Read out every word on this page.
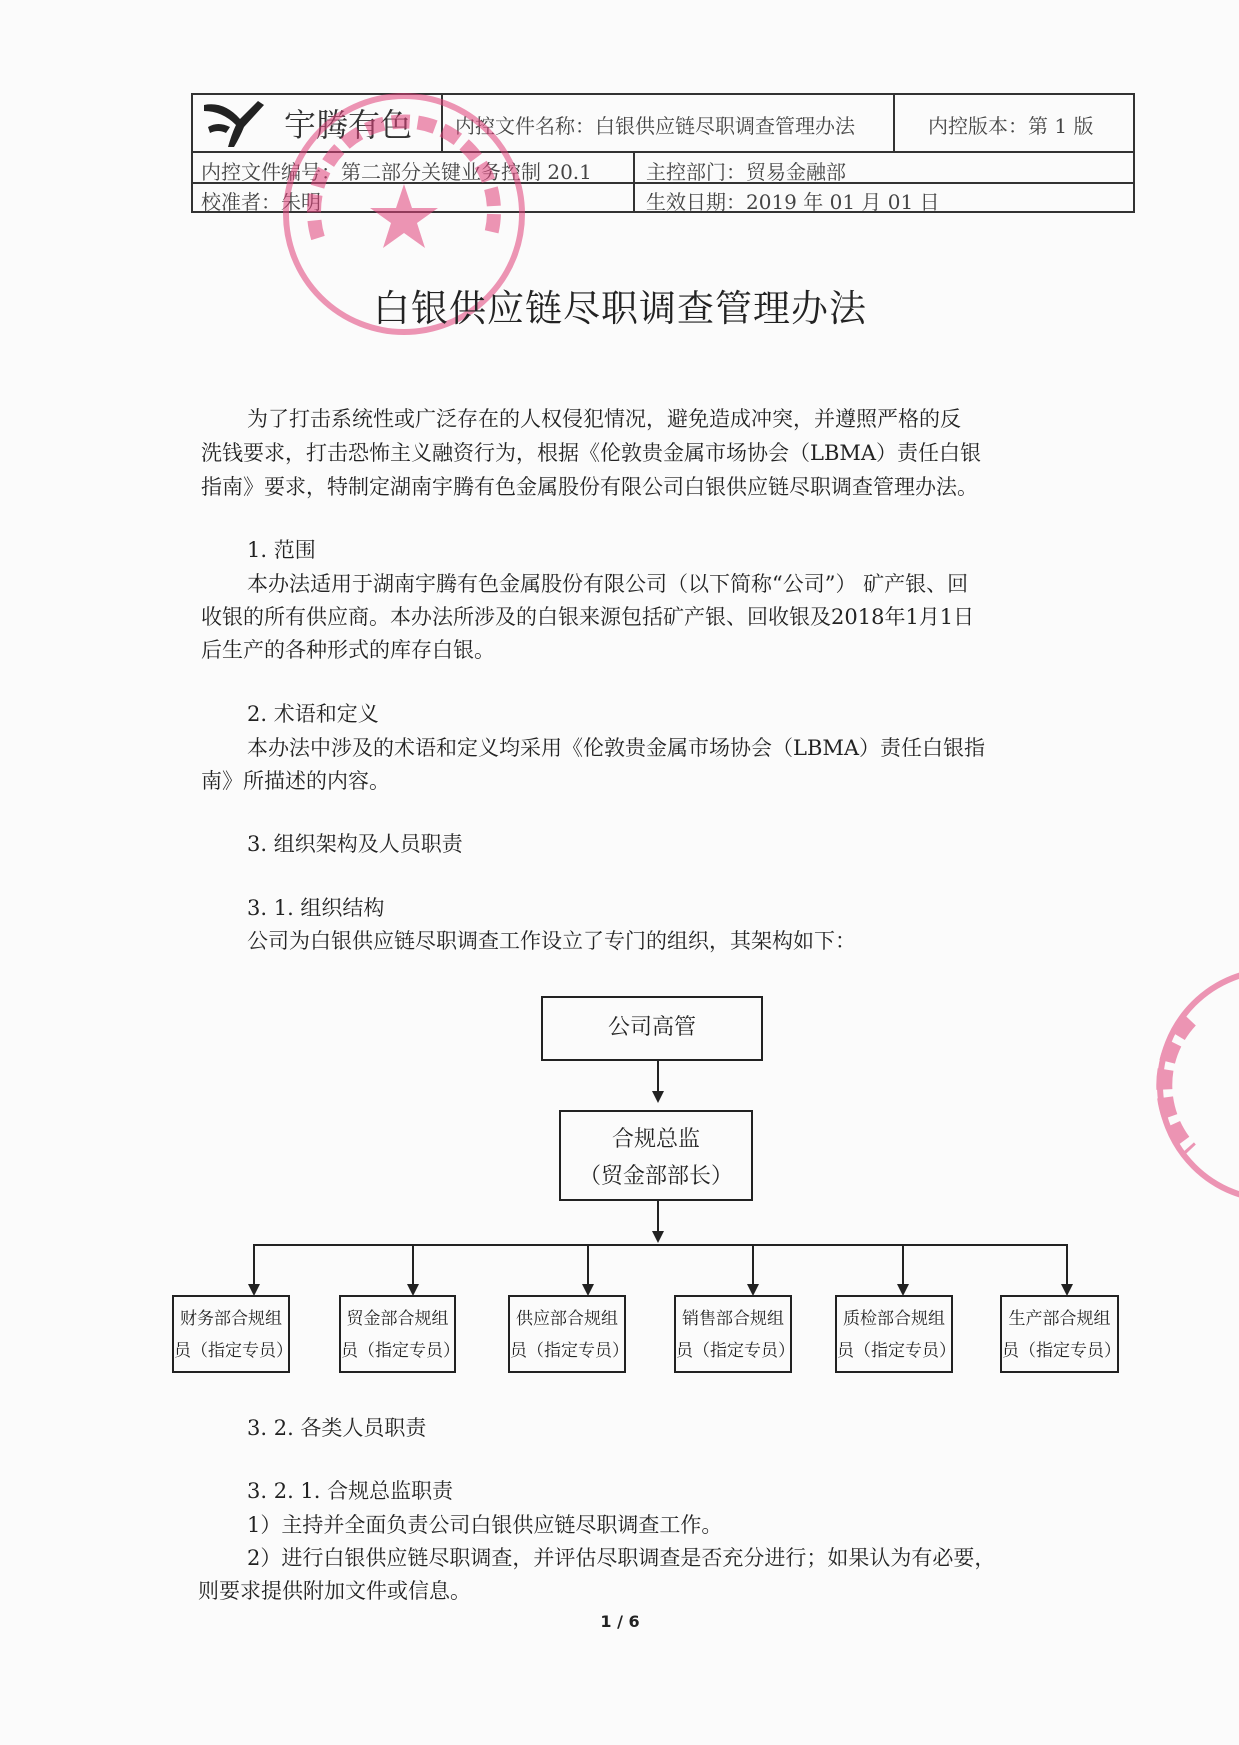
宇腾有色 内控文件名称：白银供应链尽职调查管理办法	内控版本：第 1 版
内控文件编号：第二部分关键业务控制 20.1	主控部门：贸易金融部
校准者：朱明	生效日期：2019 年 01 月 01 日
白银供应链尽职调查管理办法
为了打击系统性或广泛存在的人权侵犯情况，避免造成冲突，并遵照严格的反
洗钱要求，打击恐怖主义融资行为，根据《伦敦贵金属市场协会（LBMA）责任白银
指南》要求，特制定湖南宇腾有色金属股份有限公司白银供应链尽职调查管理办法。
1. 范围
本办法适用于湖南宇腾有色金属股份有限公司（以下简称“公司”） 矿产银、回
收银的所有供应商。本办法所涉及的白银来源包括矿产银、回收银及2018年1月1日
后生产的各种形式的库存白银。
2. 术语和定义
本办法中涉及的术语和定义均采用《伦敦贵金属市场协会（LBMA）责任白银指
南》所描述的内容。
3. 组织架构及人员职责
3. 1. 组织结构
公司为白银供应链尽职调查工作设立了专门的组织，其架构如下：
公司高管
合规总监
（贸金部部长）
财务部合规组
员（指定专员）
贸金部合规组
员（指定专员）
供应部合规组
员（指定专员）
销售部合规组
员（指定专员）
质检部合规组
员（指定专员）
生产部合规组
员（指定专员）
3. 2. 各类人员职责
3. 2. 1. 合规总监职责
1）主持并全面负责公司白银供应链尽职调查工作。
2）进行白银供应链尽职调查，并评估尽职调查是否充分进行；如果认为有必要，
则要求提供附加文件或信息。
1 / 6
